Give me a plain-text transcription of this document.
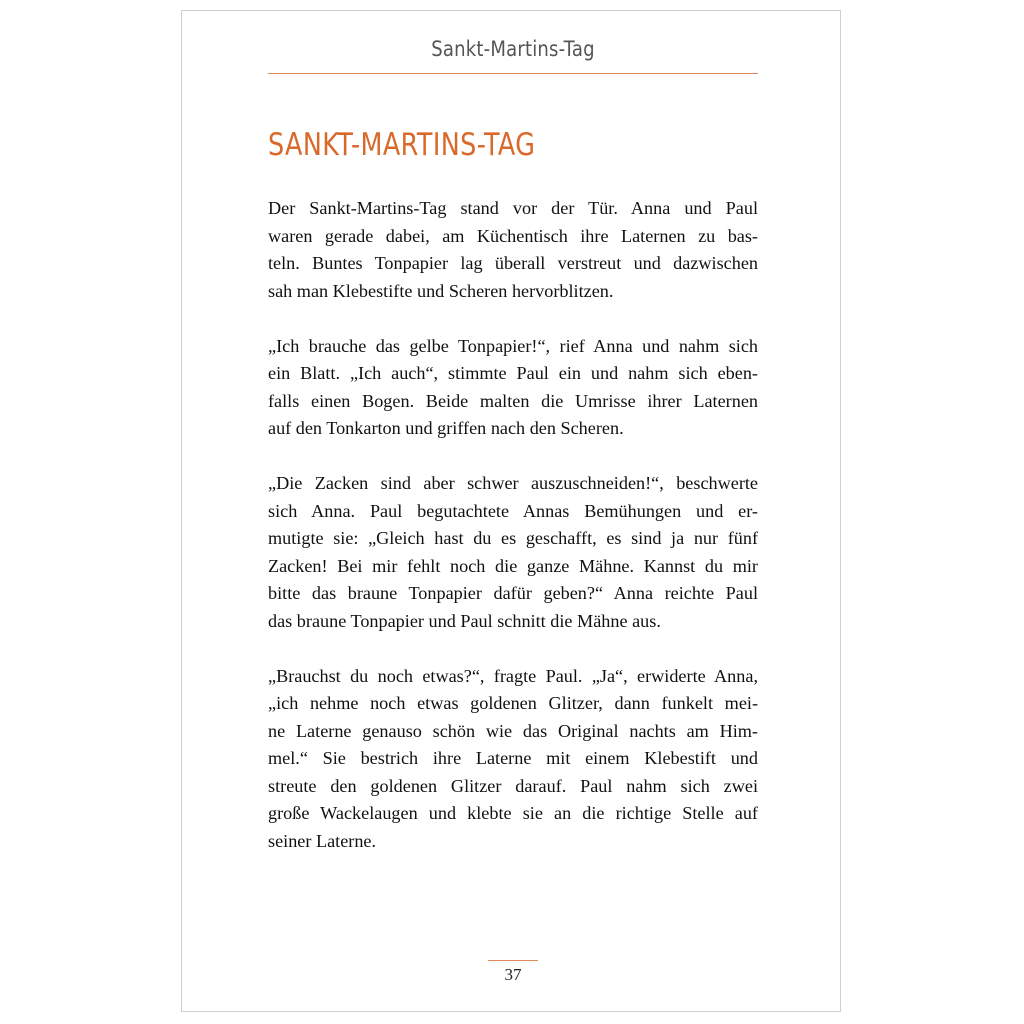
Sankt-Martins-Tag
SANKT-MARTINS-TAG

Der Sankt-Martins-Tag stand vor der Tür. Anna und Paul
waren gerade dabei, am Küchentisch ihre Laternen zu bas-
teln. Buntes Tonpapier lag überall verstreut und dazwischen
sah man Klebestifte und Scheren hervorblitzen.

„Ich brauche das gelbe Tonpapier!“, rief Anna und nahm sich
ein Blatt. „Ich auch“, stimmte Paul ein und nahm sich eben-
falls einen Bogen. Beide malten die Umrisse ihrer Laternen
auf den Tonkarton und griffen nach den Scheren.

„Die Zacken sind aber schwer auszuschneiden!“, beschwerte
sich Anna. Paul begutachtete Annas Bemühungen und er-
mutigte sie: „Gleich hast du es geschafft, es sind ja nur fünf
Zacken! Bei mir fehlt noch die ganze Mähne. Kannst du mir
bitte das braune Tonpapier dafür geben?“ Anna reichte Paul
das braune Tonpapier und Paul schnitt die Mähne aus.

„Brauchst du noch etwas?“, fragte Paul. „Ja“, erwiderte Anna,
„ich nehme noch etwas goldenen Glitzer, dann funkelt mei-
ne Laterne genauso schön wie das Original nachts am Him-
mel.“ Sie bestrich ihre Laterne mit einem Klebestift und
streute den goldenen Glitzer darauf. Paul nahm sich zwei
große Wackelaugen und klebte sie an die richtige Stelle auf
seiner Laterne.

37
